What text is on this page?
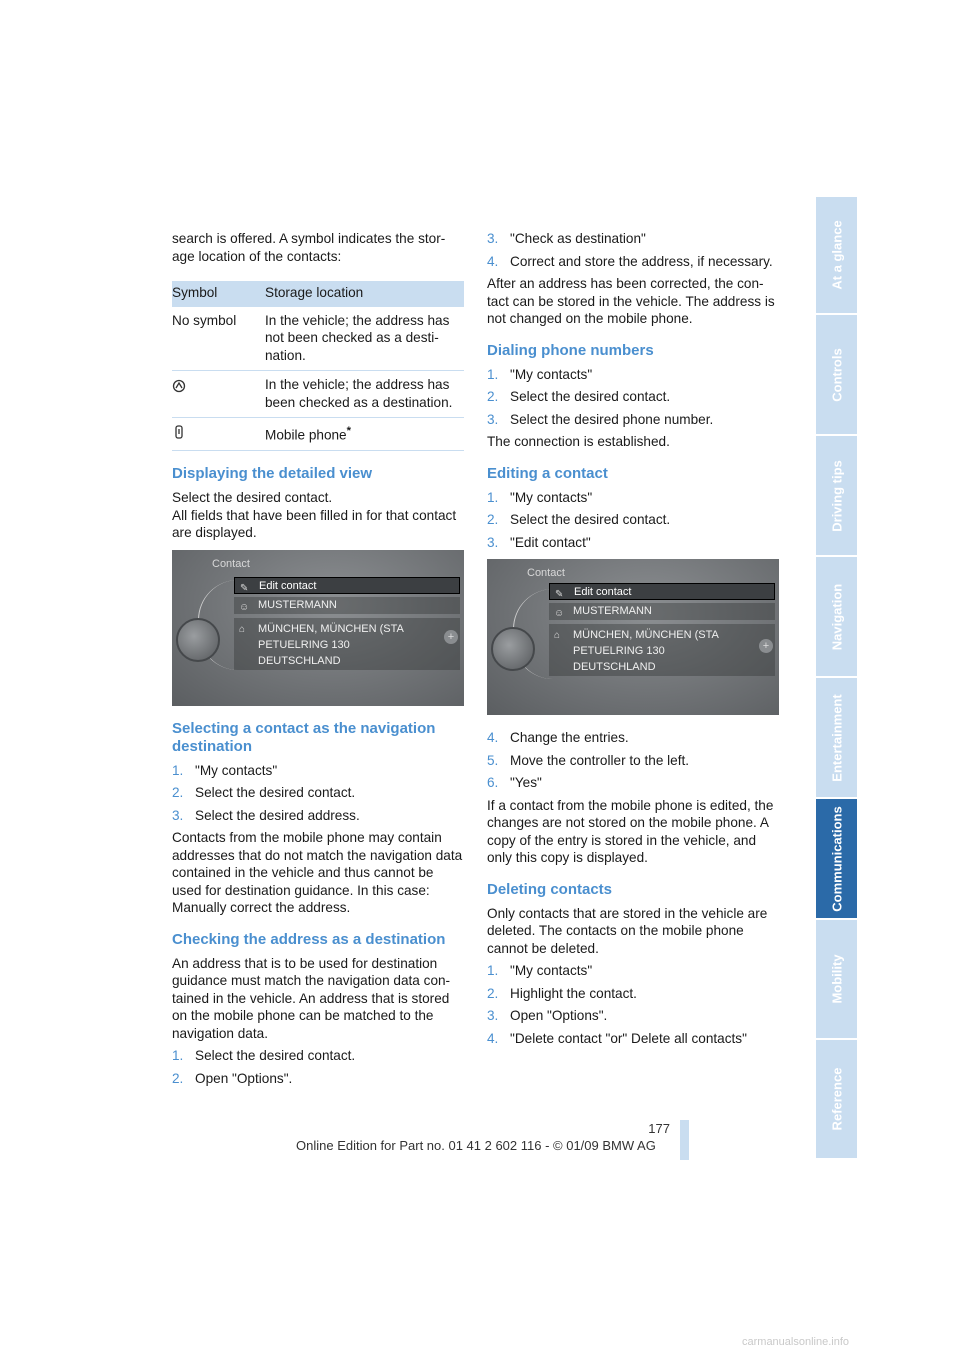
search is offered. A symbol indicates the stor-age location of the contacts:

Symbol	Storage location
No symbol	In the vehicle; the address has not been checked as a desti-nation.
In the vehicle; the address has been checked as a destination.
Mobile phone*
Displaying the detailed view

Select the desired contact.

All fields that have been filled in for that contact are displayed.

Contact
✎ Edit contact
☺ MUSTERMANN
⌂ MÜNCHEN, MÜNCHEN (STA
PETUELRING 130
DEUTSCHLAND
+
Selecting a contact as the navigation destination
1. "My contacts"
2. Select the desired contact.
3. Select the desired address.

Contacts from the mobile phone may contain addresses that do not match the navigation data contained in the vehicle and thus cannot be used for destination guidance. In this case: Manually correct the address.

Checking the address as a destination

An address that is to be used for destination guidance must match the navigation data con-tained in the vehicle. An address that is stored on the mobile phone can be matched to the navigation data.

1. Select the desired contact.
2. Open "Options".
3. "Check as destination"
4. Correct and store the address, if necessary.

After an address has been corrected, the con-tact can be stored in the vehicle. The address is not changed on the mobile phone.

Dialing phone numbers
1. "My contacts"
2. Select the desired contact.
3. Select the desired phone number.

The connection is established.

Editing a contact
1. "My contacts"
2. Select the desired contact.
3. "Edit contact"
Contact
✎ Edit contact
☺ MUSTERMANN
⌂ MÜNCHEN, MÜNCHEN (STA
PETUELRING 130
DEUTSCHLAND
+
4. Change the entries.
5. Move the controller to the left.
6. "Yes"

If a contact from the mobile phone is edited, the changes are not stored on the mobile phone. A copy of the entry is stored in the vehicle, and only this copy is displayed.

Deleting contacts

Only contacts that are stored in the vehicle are deleted. The contacts on the mobile phone cannot be deleted.

1. "My contacts"
2. Highlight the contact.
3. Open "Options".
4. "Delete contact "or" Delete all contacts"
At a glance
Controls
Driving tips
Navigation
Entertainment
Communications
Mobility
Reference
177
Online Edition for Part no. 01 41 2 602 116 - © 01/09 BMW AG
carmanualsonline.info
